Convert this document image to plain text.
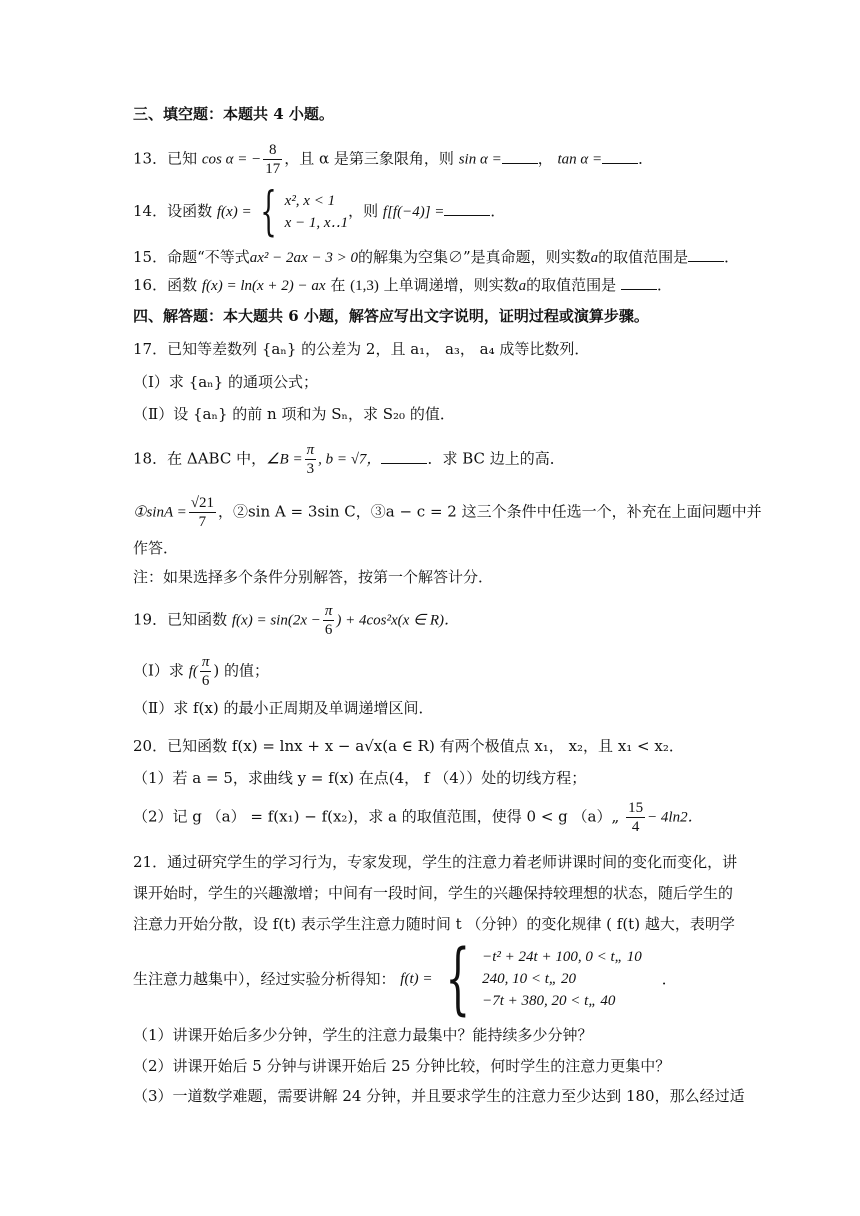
三、填空题：本题共 4 小题。
13．已知 cos α = − $\frac{8}{17}$ ，且 α 是第三象限角，则 sin α = ， tan α = ．
14．设函数 f(x) = { x², x < 1
x − 1, x‥1
，则 f[f(−4)] =	．
15．命题“不等式ax² − 2ax − 3 > 0的解集为空集∅”是真命题，则实数a的取值范围是 ．
16．函数 f(x) = ln(x + 2) − ax 在 (1,3) 上单调递增，则实数a的取值范围是	．
四、解答题：本大题共 6 小题，解答应写出文字说明，证明过程或演算步骤。
17．已知等差数列 {aₙ} 的公差为 2，且 a₁， a₃， a₄ 成等比数列．
（Ⅰ）求 {aₙ} 的通项公式；
（Ⅱ）设 {aₙ} 的前 n 项和为 Sₙ，求 S₂₀ 的值．
18．在 ΔABC 中，∠B = $\frac{\pi}{3}$ , b = √7，	．求 BC 边上的高．
①sinA = $\frac{√21}{7}$ ，②sin A = 3sin C，③a − c = 2 这三个条件中任选一个，补充在上面问题中并
作答．
注：如果选择多个条件分别解答，按第一个解答计分．
19．已知函数 $f(x) = \sin(2x - \frac{\pi}{6}$ ) + 4cos²x(x ∈ R)．
（Ⅰ）求 $f( \frac{\pi}{6}$ ) 的值；
（Ⅱ）求 f(x) 的最小正周期及单调递增区间．
20．已知函数 f(x) = lnx + x − a√x(a ∈ R) 有两个极值点 x₁， x₂，且 x₁ < x₂．
（1）若 a = 5，求曲线 y = f(x) 在点(4， f （4））处的切线方程；
（2）记 g （a） = f(x₁) − f(x₂)，求 a 的取值范围，使得 0 < g （a）„ $\frac{15}{4} - 4\ln 2$．
21．通过研究学生的学习行为，专家发现，学生的注意力着老师讲课时间的变化而变化，讲
课开始时，学生的兴趣激增；中间有一段时间，学生的兴趣保持较理想的状态，随后学生的
注意力开始分散，设 f(t) 表示学生注意力随时间 t （分钟）的变化规律 ( f(t) 越大，表明学
生注意力越集中），经过实验分析得知： f(t) = { −t² + 24t + 100, 0 < t„ 10
240, 10 < t„ 20
−7t + 380, 20 < t„ 40
．
（1）讲课开始后多少分钟，学生的注意力最集中？能持续多少分钟？
（2）讲课开始后 5 分钟与讲课开始后 25 分钟比较，何时学生的注意力更集中？
（3）一道数学难题，需要讲解 24 分钟，并且要求学生的注意力至少达到 180，那么经过适
